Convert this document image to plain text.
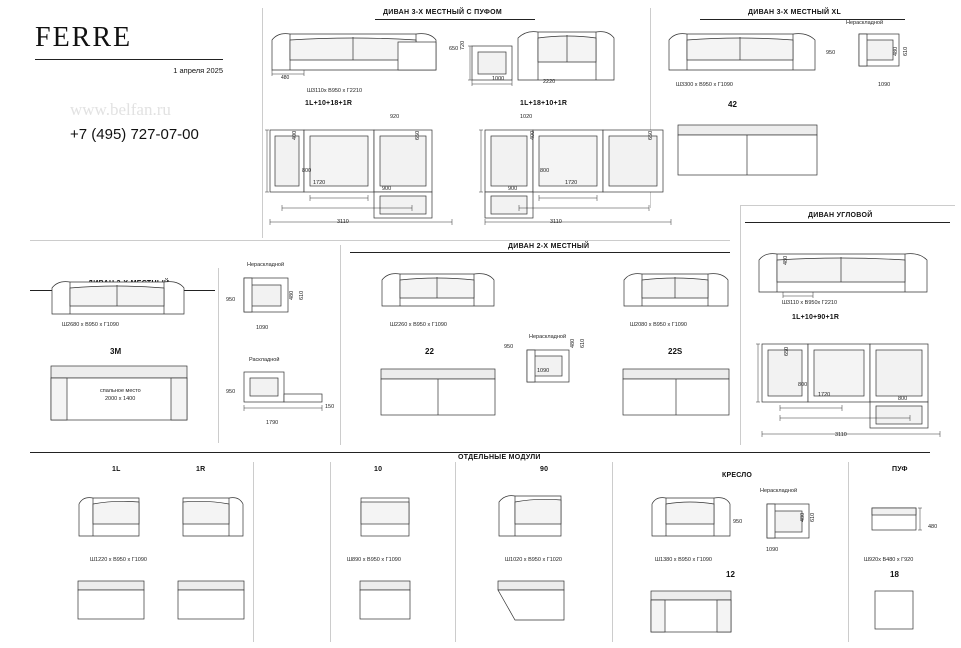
FERRE
1 апреля 2025
www.belfan.ru
+7 (495) 727-07-00
ДИВАН 3-Х МЕСТНЫЙ С ПУФОМ	ДИВАН 3-Х МЕСТНЫЙ XL
480
650 720
1000	2220
Ш3110х В950 х Г2210
1L+10+18+1R	1L+18+10+1R
920
400	650
800
1720
900
3110
1020
400	650
900
800
1720
3110
Ш3300 х В950 х Г1090
Нераскладной
950
1090
480 610
42
Ш2680 х В950 х Г1090
3М
спальное место
2000 х 1400
Нераскладной
950
1090
480 610
Раскладной
950
1790
150
ДИВАН 2-Х МЕСТНЫЙ
Ш2260 х В950 х Г1090
22
Ш2080 х В950 х Г1090
22S
Нераскладной
950
1090
480 610
ДИВАН УГЛОВОЙ
480
Ш3110 х В950х Г2210
1L+10+90+1R
650
800
1720
800
3110
ОТДЕЛЬНЫЕ МОДУЛИ
1L
Ш1220 х В950 х Г1090
1R	10
Ш890 х В950 х Г1090
90
Ш1020 х В950 х Г1020
КРЕСЛО
Ш1380 х В950 х Г1090
12
Нераскладной
950
1090
480 610
ПУФ
480
Ш920х В480 х Г920
18
